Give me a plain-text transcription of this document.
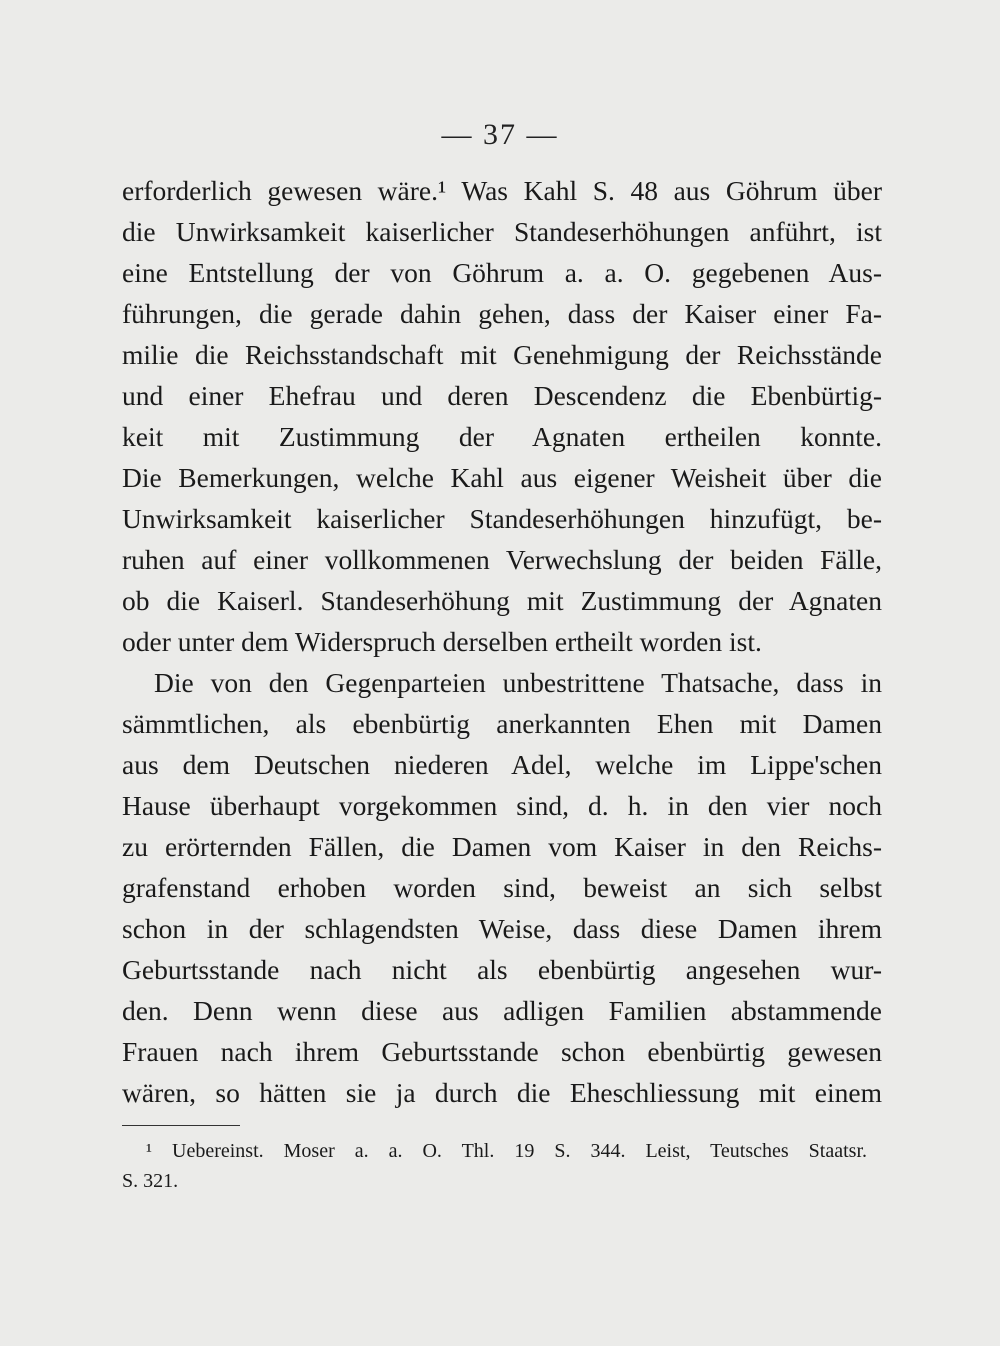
— 37 —
erforderlich gewesen wäre.¹ Was Kahl S. 48 aus Göhrum über
die Unwirksamkeit kaiserlicher Standeserhöhungen anführt, ist
eine Entstellung der von Göhrum a. a. O. gegebenen Aus-
führungen, die gerade dahin gehen, dass der Kaiser einer Fa-
milie die Reichsstandschaft mit Genehmigung der Reichsstände
und einer Ehefrau und deren Descendenz die Ebenbürtig-
keit mit Zustimmung der Agnaten ertheilen konnte.
Die Bemerkungen, welche Kahl aus eigener Weisheit über die
Unwirksamkeit kaiserlicher Standeserhöhungen hinzufügt, be-
ruhen auf einer vollkommenen Verwechslung der beiden Fälle,
ob die Kaiserl. Standeserhöhung mit Zustimmung der Agnaten
oder unter dem Widerspruch derselben ertheilt worden ist.
Die von den Gegenparteien unbestrittene Thatsache, dass in
sämmtlichen, als ebenbürtig anerkannten Ehen mit Damen
aus dem Deutschen niederen Adel, welche im Lippe'schen
Hause überhaupt vorgekommen sind, d. h. in den vier noch
zu erörternden Fällen, die Damen vom Kaiser in den Reichs-
grafenstand erhoben worden sind, beweist an sich selbst
schon in der schlagendsten Weise, dass diese Damen ihrem
Geburtsstande nach nicht als ebenbürtig angesehen wur-
den. Denn wenn diese aus adligen Familien abstammende
Frauen nach ihrem Geburtsstande schon ebenbürtig gewesen
wären, so hätten sie ja durch die Eheschliessung mit einem
¹ Uebereinst. Moser a. a. O. Thl. 19 S. 344. Leist, Teutsches Staatsr.
S. 321.
